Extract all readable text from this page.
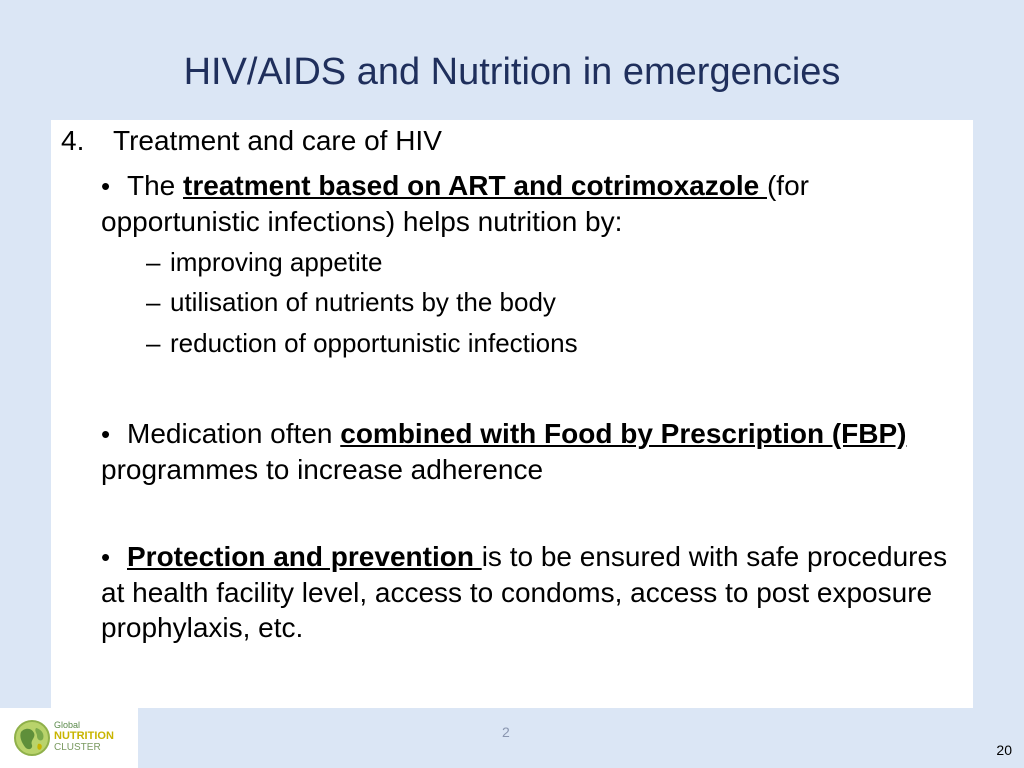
HIV/AIDS and Nutrition in emergencies
4. Treatment and care of HIV
• The treatment based on ART and cotrimoxazole (for opportunistic infections) helps nutrition by:
– improving appetite
– utilisation of nutrients by the body
– reduction of opportunistic infections
• Medication often combined with Food by Prescription (FBP) programmes to increase adherence
• Protection and prevention is to be ensured with safe procedures at health facility level, access to condoms, access to post exposure prophylaxis, etc.
Global
NUTRITION
CLUSTER
2
20
